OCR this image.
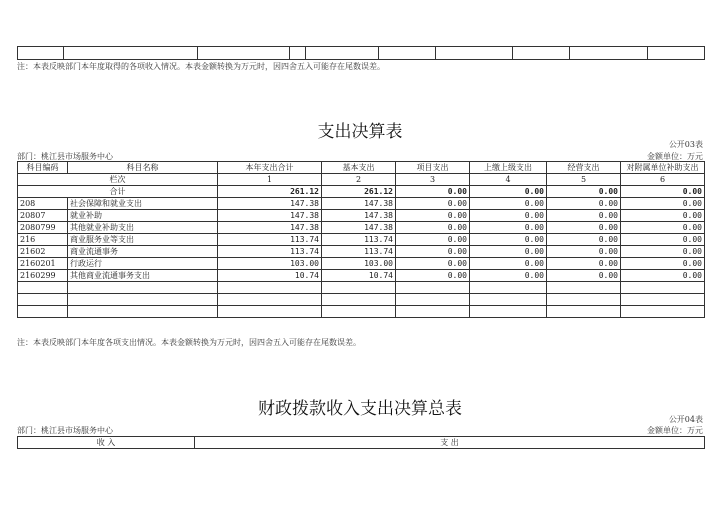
注：本表反映部门本年度取得的各项收入情况。本表金额转换为万元时，因四舍五入可能存在尾数误差。
支出决算表
公开03表
部门：桃江县市场服务中心	金额单位：万元
科目编码	科目名称	本年支出合计	基本支出	项目支出	上缴上级支出	经营支出	对附属单位补助支出
栏次		1	2	3	4	5	6
合计		261.12	261.12	0.00	0.00	0.00	0.00
208	社会保障和就业支出	147.38	147.38	0.00	0.00	0.00	0.00
20807	就业补助	147.38	147.38	0.00	0.00	0.00	0.00
2080799	其他就业补助支出	147.38	147.38	0.00	0.00	0.00	0.00
216	商业服务业等支出	113.74	113.74	0.00	0.00	0.00	0.00
21602	商业流通事务	113.74	113.74	0.00	0.00	0.00	0.00
2160201	行政运行	103.00	103.00	0.00	0.00	0.00	0.00
2160299	其他商业流通事务支出	10.74	10.74	0.00	0.00	0.00	0.00

注：本表反映部门本年度各项支出情况。本表金额转换为万元时，因四舍五入可能存在尾数误差。
财政拨款收入支出决算总表
公开04表
部门：桃江县市场服务中心	金额单位：万元
收 入	支 出
